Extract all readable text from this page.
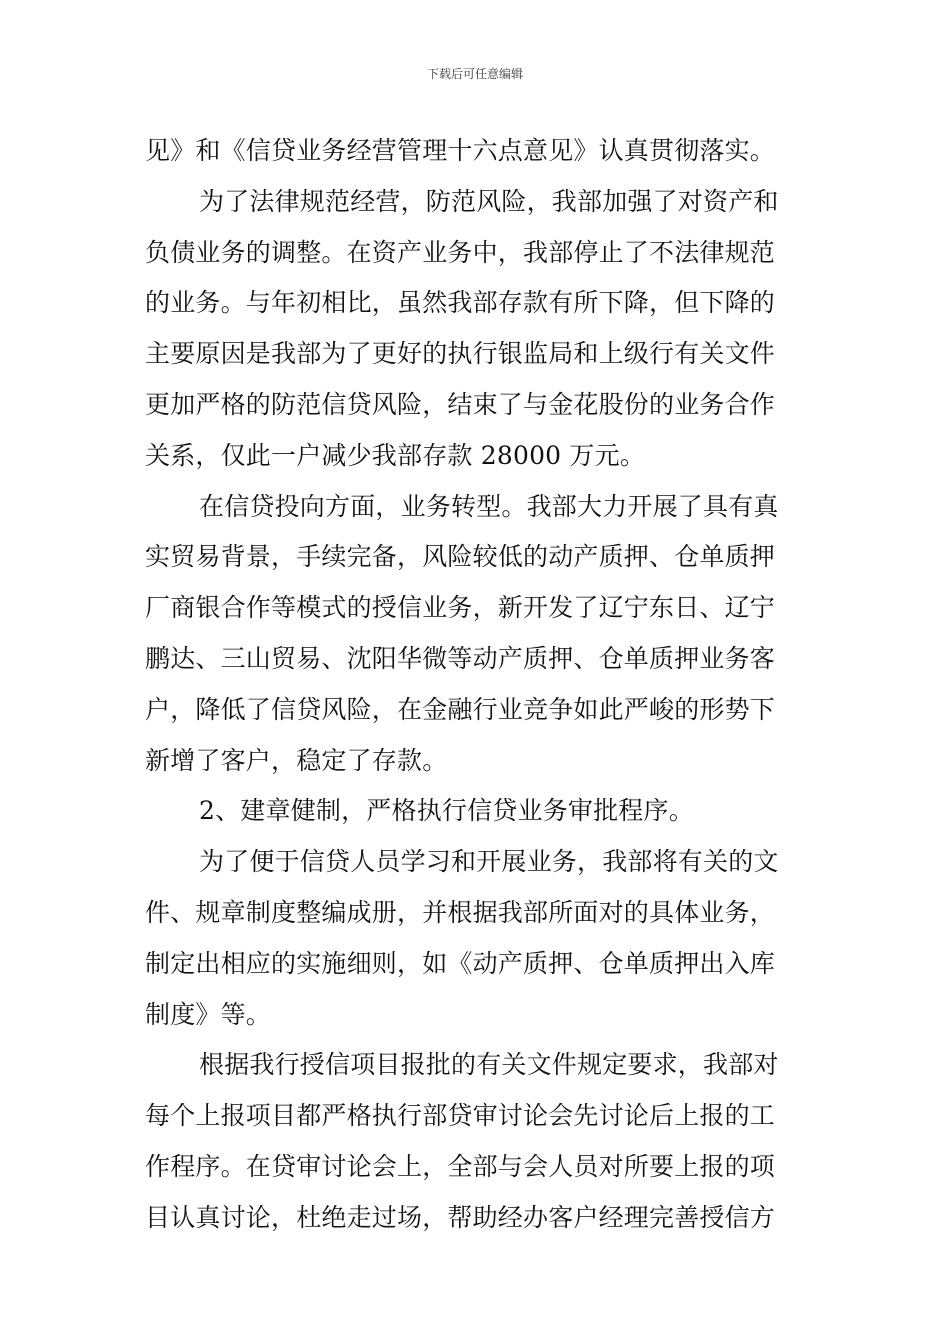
下载后可任意编辑
见》和《信贷业务经营管理十六点意见》认真贯彻落实。
为了法律规范经营，防范风险，我部加强了对资产和
负债业务的调整。在资产业务中，我部停止了不法律规范
的业务。与年初相比，虽然我部存款有所下降，但下降的
主要原因是我部为了更好的执行银监局和上级行有关文件
更加严格的防范信贷风险，结束了与金花股份的业务合作
关系，仅此一户减少我部存款 28000 万元。
在信贷投向方面，业务转型。我部大力开展了具有真
实贸易背景，手续完备，风险较低的动产质押、仓单质押
厂商银合作等模式的授信业务，新开发了辽宁东日、辽宁
鹏达、三山贸易、沈阳华微等动产质押、仓单质押业务客
户，降低了信贷风险，在金融行业竞争如此严峻的形势下
新增了客户，稳定了存款。
2、建章健制，严格执行信贷业务审批程序。
为了便于信贷人员学习和开展业务，我部将有关的文
件、规章制度整编成册，并根据我部所面对的具体业务，
制定出相应的实施细则，如《动产质押、仓单质押出入库
制度》等。
根据我行授信项目报批的有关文件规定要求，我部对
每个上报项目都严格执行部贷审讨论会先讨论后上报的工
作程序。在贷审讨论会上，全部与会人员对所要上报的项
目认真讨论，杜绝走过场，帮助经办客户经理完善授信方
